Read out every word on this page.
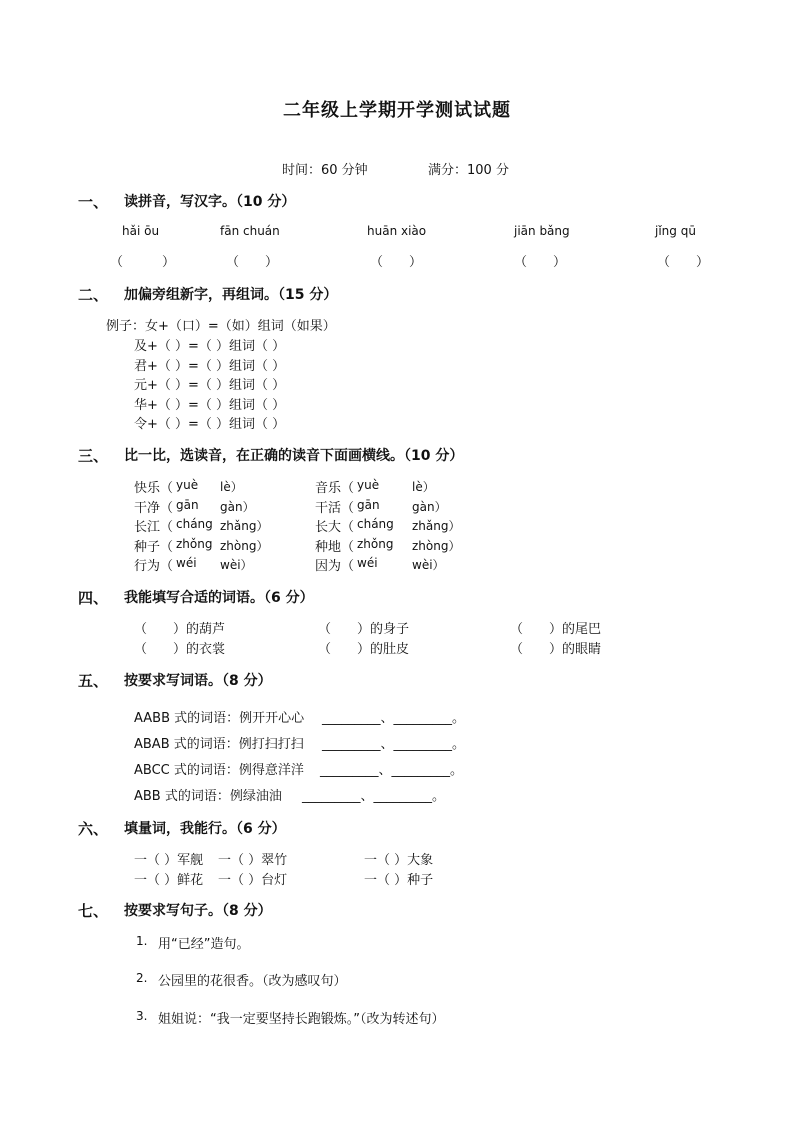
二年级上学期开学测试试题
时间：60 分钟	满分：100 分
一、 读拼音，写汉字。（10 分）
hǎi ōu	fān chuán	huān xiào	jiān bǎng	jǐng qū
（　　　）	（　　）	（　　）	（　　）	（　　）
二、 加偏旁组新字，再组词。（15 分）
例子：女+（口）=（如）组词（如果）
及+（ ）=（ ）组词（ ）
君+（ ）=（ ）组词（ ）
元+（ ）=（ ）组词（ ）
华+（ ）=（ ）组词（ ）
令+（ ）=（ ）组词（ ）
三、 比一比，选读音，在正确的读音下面画横线。（10 分）
快乐（ yuè lè）
干净（ gān gàn）
长江（ cháng zhǎng）
种子（ zhǒng zhòng）
行为（ wéi wèi）
音乐（ yuè	lè）
干活（ gān	gàn）
长大（ cháng zhǎng）
种地（ zhǒng zhòng）
因为（ wéi	wèi）
四、 我能填写合适的词语。（6 分）
（　　）的葫芦	（　　）的身子	（　　）的尾巴
（　　）的衣裳	（　　）的肚皮	（　　）的眼睛
五、 按要求写词语。（8 分）
AABB 式的词语：例开开心心 _________、_________。
ABAB 式的词语：例打扫打扫 _________、_________。
ABCC 式的词语：例得意洋洋 _________、_________。
ABB 式的词语：例绿油油 _________、_________。
六、 填量词，我能行。（6 分）
一（ ）军舰 一（ ）翠竹	一（ ）大象
一（ ）鲜花 一（ ）台灯	一（ ）种子
七、 按要求写句子。（8 分）
1. 用“已经”造句。
2. 公园里的花很香。（改为感叹句）
3. 姐姐说：“我一定要坚持长跑锻炼。”（改为转述句）
